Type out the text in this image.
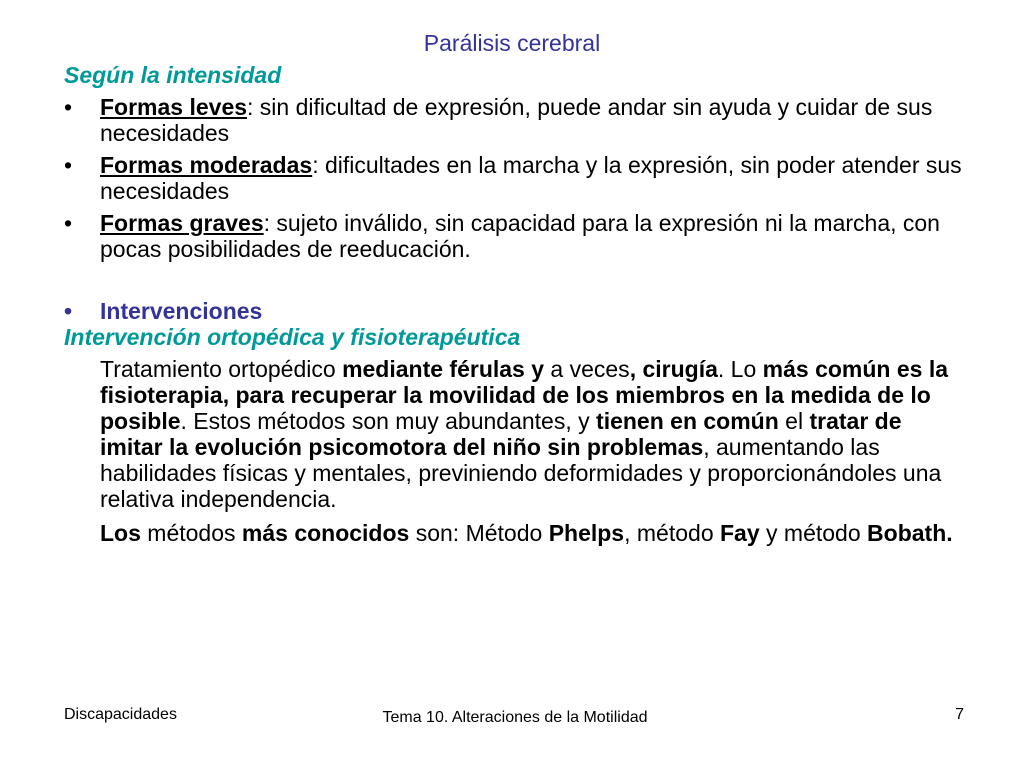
Parálisis cerebral
Según la intensidad
•	Formas leves: sin dificultad de expresión, puede andar sin ayuda y cuidar de sus necesidades
•	Formas moderadas: dificultades en la marcha y la expresión, sin poder atender sus necesidades
•	Formas graves: sujeto inválido, sin capacidad para la expresión ni la marcha, con pocas posibilidades de reeducación.
•	Intervenciones
Intervención ortopédica y fisioterapéutica
Tratamiento ortopédico mediante férulas y a veces, cirugía. Lo más común es la fisioterapia, para recuperar la movilidad de los miembros en la medida de lo posible. Estos métodos son muy abundantes, y tienen en común el tratar de imitar la evolución psicomotora del niño sin problemas, aumentando las habilidades físicas y mentales, previniendo deformidades y proporcionándoles una relativa independencia.
Los métodos más conocidos son: Método Phelps, método Fay y método Bobath.
Discapacidades	Tema 10. Alteraciones de la Motilidad	7
